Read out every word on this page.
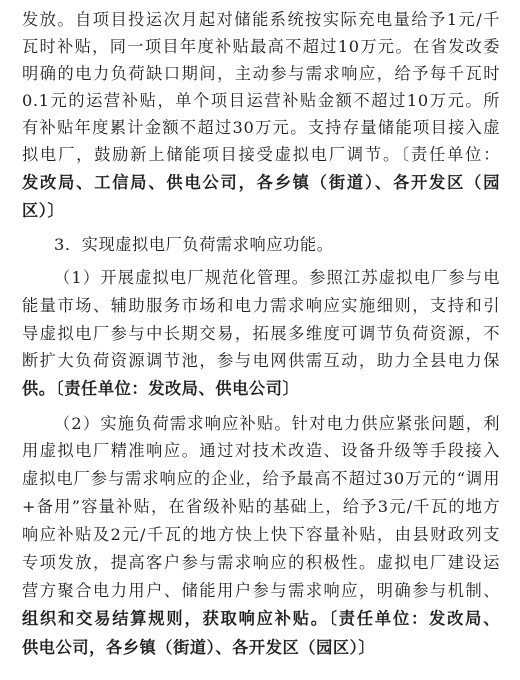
发放。自项目投运次月起对储能系统按实际充电量给予1元/千
瓦时补贴，同一项目年度补贴最高不超过10万元。在省发改委
明确的电力负荷缺口期间，主动参与需求响应，给予每千瓦时
0.1元的运营补贴，单个项目运营补贴金额不超过10万元。所
有补贴年度累计金额不超过30万元。支持存量储能项目接入虚
拟电厂，鼓励新上储能项目接受虚拟电厂调节。〔责任单位：
发改局、工信局、供电公司，各乡镇（街道）、各开发区（园
区）〕
3．实现虚拟电厂负荷需求响应功能。
（1）开展虚拟电厂规范化管理。参照江苏虚拟电厂参与电
能量市场、辅助服务市场和电力需求响应实施细则，支持和引
导虚拟电厂参与中长期交易，拓展多维度可调节负荷资源，不
断扩大负荷资源调节池，参与电网供需互动，助力全县电力保
供。〔责任单位：发改局、供电公司〕
（2）实施负荷需求响应补贴。针对电力供应紧张问题，利
用虚拟电厂精准响应。通过对技术改造、设备升级等手段接入
虚拟电厂参与需求响应的企业，给予最高不超过30万元的“调用
+备用”容量补贴，在省级补贴的基础上，给予3元/千瓦的地方
响应补贴及2元/千瓦的地方快上快下容量补贴，由县财政列支
专项发放，提高客户参与需求响应的积极性。虚拟电厂建设运
营方聚合电力用户、储能用户参与需求响应，明确参与机制、
组织和交易结算规则，获取响应补贴。〔责任单位：发改局、
供电公司，各乡镇（街道）、各开发区（园区）〕
